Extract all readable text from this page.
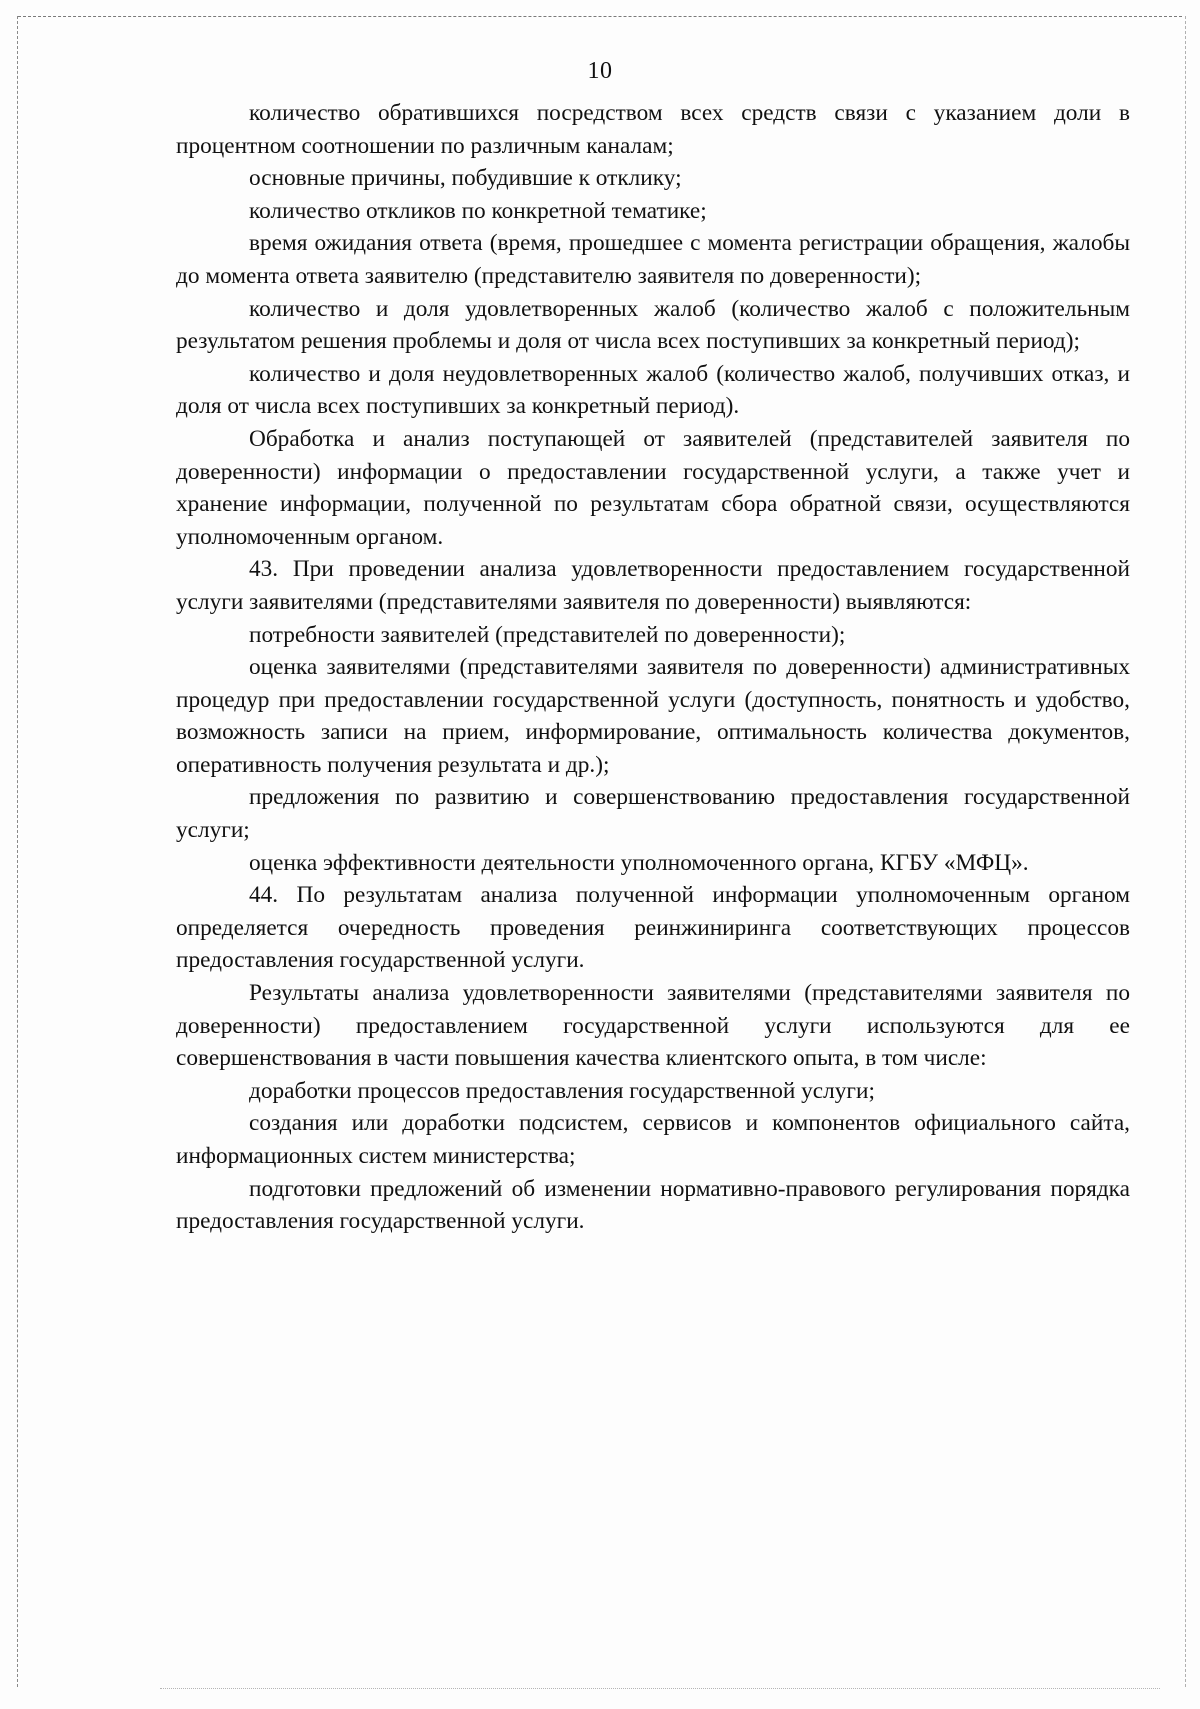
10

количество обратившихся посредством всех средств связи с указанием доли в процентном соотношении по различным каналам;

основные причины, побудившие к отклику;

количество откликов по конкретной тематике;

время ожидания ответа (время, прошедшее с момента регистрации обращения, жалобы до момента ответа заявителю (представителю заявителя по доверенности);

количество и доля удовлетворенных жалоб (количество жалоб с положительным результатом решения проблемы и доля от числа всех поступивших за конкретный период);

количество и доля неудовлетворенных жалоб (количество жалоб, получивших отказ, и доля от числа всех поступивших за конкретный период).

Обработка и анализ поступающей от заявителей (представителей заявителя по доверенности) информации о предоставлении государственной услуги, а также учет и хранение информации, полученной по результатам сбора обратной связи, осуществляются уполномоченным органом.

43. При проведении анализа удовлетворенности предоставлением государственной услуги заявителями (представителями заявителя по доверенности) выявляются:

потребности заявителей (представителей по доверенности);

оценка заявителями (представителями заявителя по доверенности) административных процедур при предоставлении государственной услуги (доступность, понятность и удобство, возможность записи на прием, информирование, оптимальность количества документов, оперативность получения результата и др.);

предложения по развитию и совершенствованию предоставления государственной услуги;

оценка эффективности деятельности уполномоченного органа, КГБУ «МФЦ».

44. По результатам анализа полученной информации уполномоченным органом определяется очередность проведения реинжиниринга соответствующих процессов предоставления государственной услуги.

Результаты анализа удовлетворенности заявителями (представителями заявителя по доверенности) предоставлением государственной услуги используются для ее совершенствования в части повышения качества клиентского опыта, в том числе:

доработки процессов предоставления государственной услуги;

создания или доработки подсистем, сервисов и компонентов официального сайта, информационных систем министерства;

подготовки предложений об изменении нормативно-правового регулирования порядка предоставления государственной услуги.
